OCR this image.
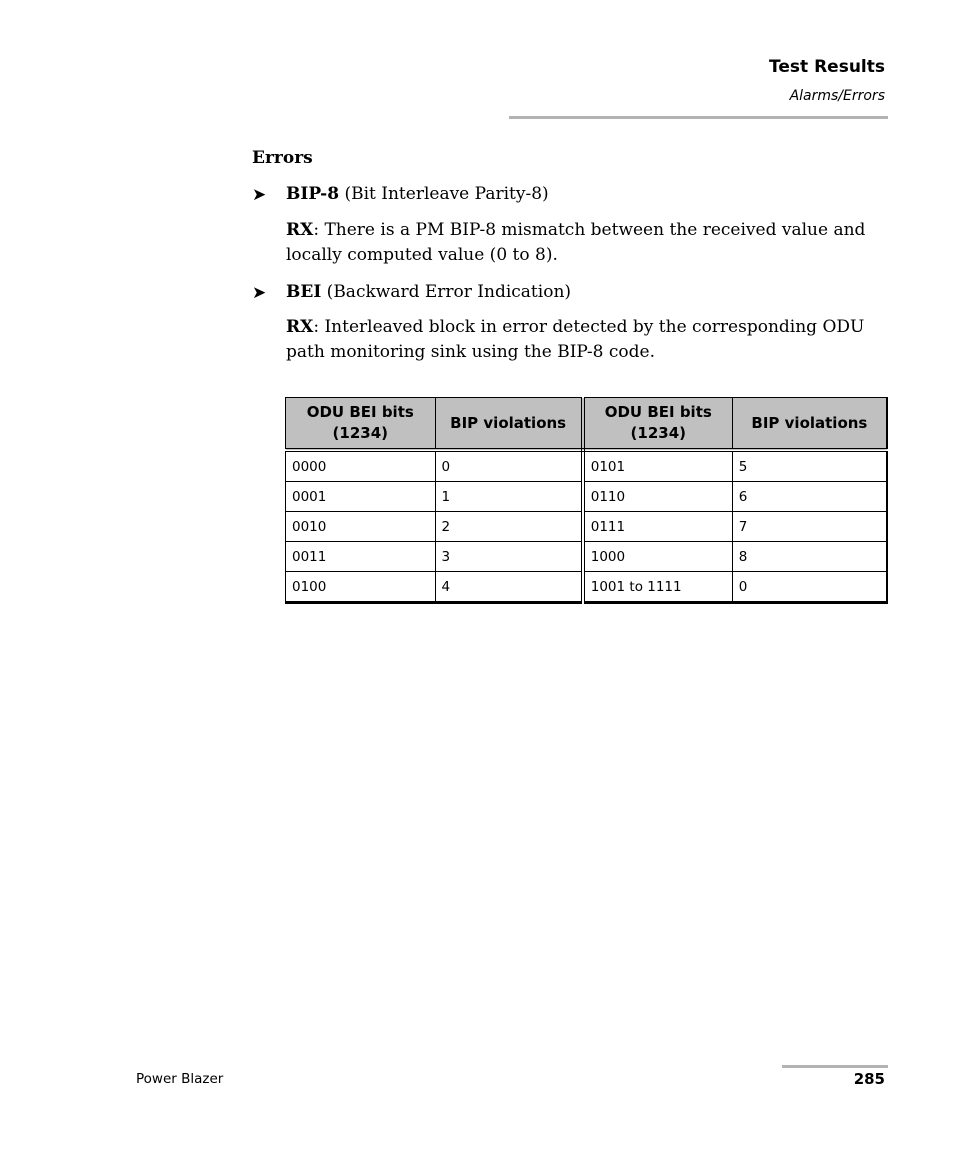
Test Results
Alarms/Errors
Errors
➤	BIP-8 (Bit Interleave Parity-8)
RX: There is a PM BIP-8 mismatch between the received value and locally computed value (0 to 8).
➤	BEI (Backward Error Indication)
RX: Interleaved block in error detected by the corresponding ODU path monitoring sink using the BIP-8 code.
ODU BEI bits (1234)	BIP violations	ODU BEI bits (1234)	BIP violations
0000	0	0101	5
0001	1	0110	6
0010	2	0111	7
0011	3	1000	8
0100	4	1001 to 1111	0
Power Blazer	285
